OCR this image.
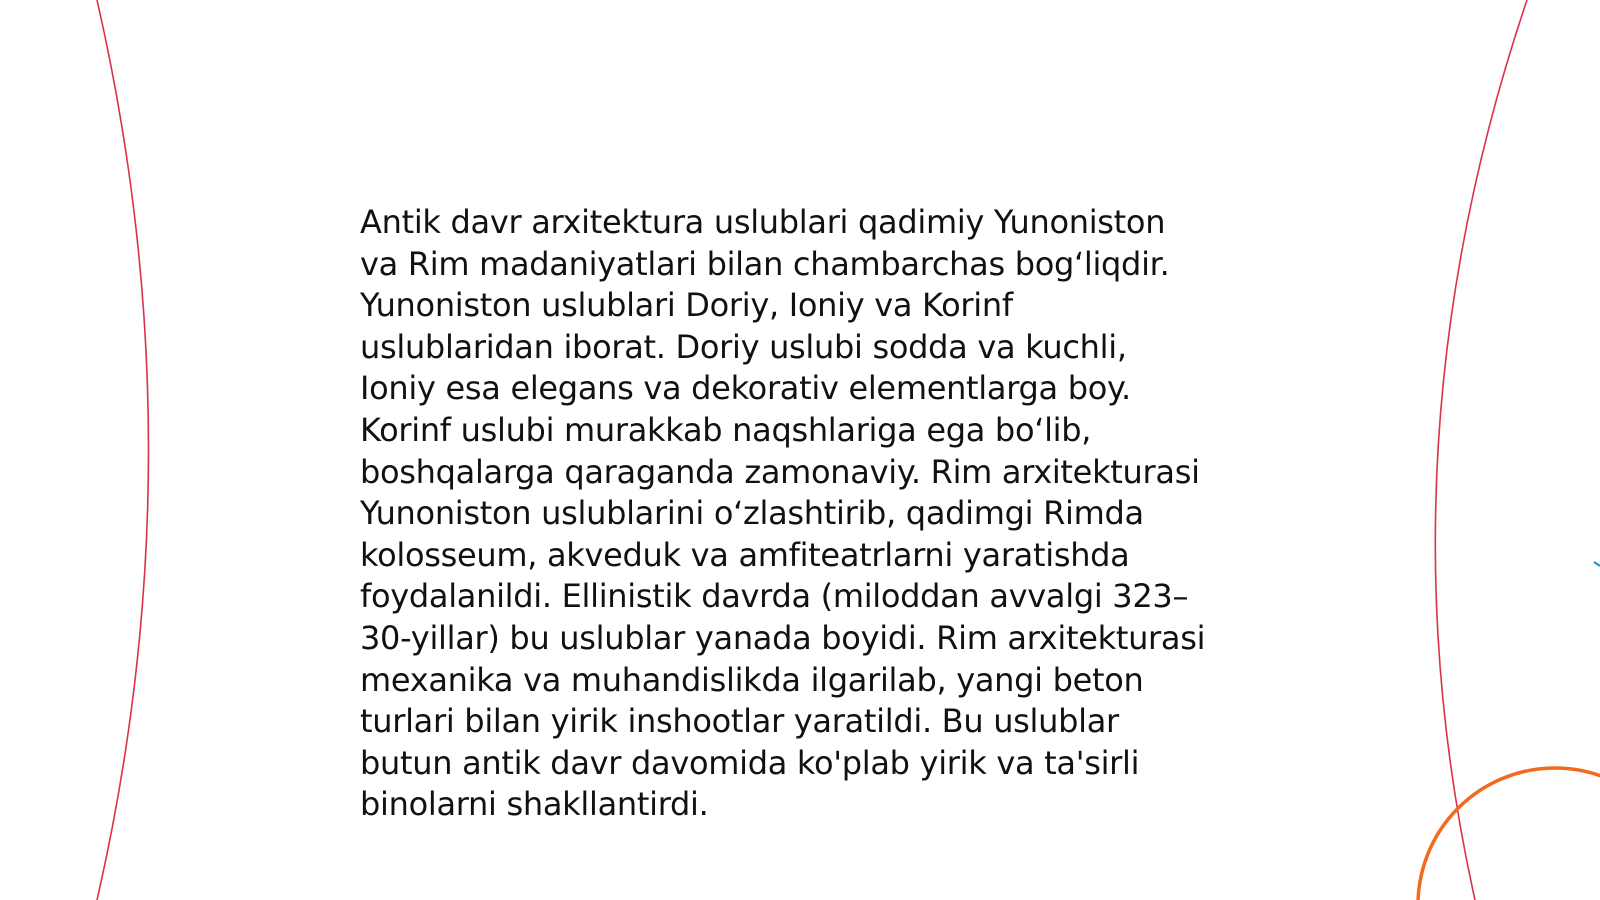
Antik davr arxitektura uslublari qadimiy Yunoniston
va Rim madaniyatlari bilan chambarchas bog‘liqdir.
Yunoniston uslublari Doriy, Ioniy va Korinf
uslublaridan iborat. Doriy uslubi sodda va kuchli,
Ioniy esa elegans va dekorativ elementlarga boy.
Korinf uslubi murakkab naqshlariga ega bo‘lib,
boshqalarga qaraganda zamonaviy. Rim arxitekturasi
Yunoniston uslublarini o‘zlashtirib, qadimgi Rimda
kolosseum, akveduk va amfiteatrlarni yaratishda
foydalanildi. Ellinistik davrda (miloddan avvalgi 323–
30-yillar) bu uslublar yanada boyidi. Rim arxitekturasi
mexanika va muhandislikda ilgarilab, yangi beton
turlari bilan yirik inshootlar yaratildi. Bu uslublar
butun antik davr davomida ko'plab yirik va ta'sirli
binolarni shakllantirdi.
